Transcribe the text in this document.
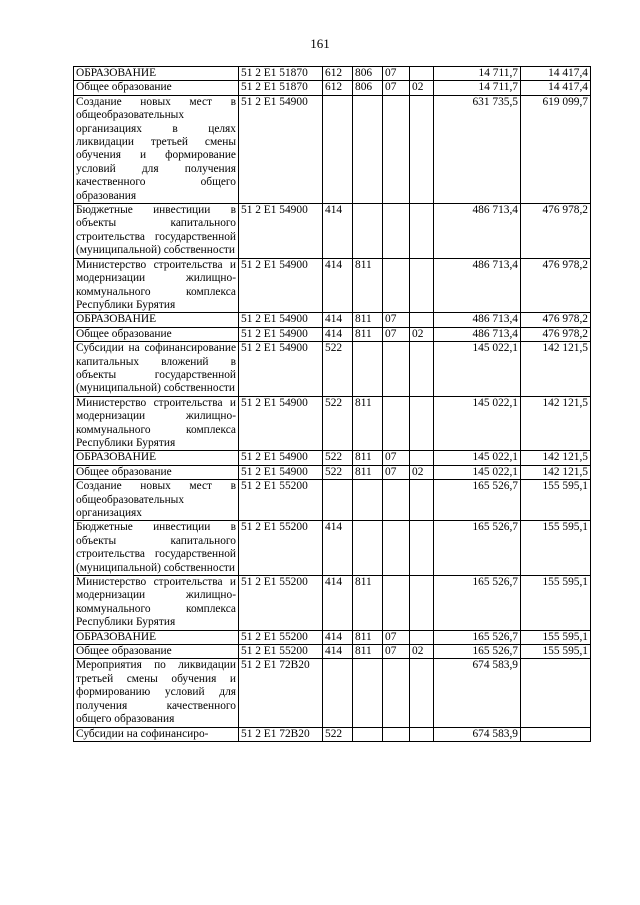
161
ОБРАЗОВАНИЕ	51 2 E1 51870	612	806	07		14 711,7	14 417,4
Общее образование	51 2 E1 51870	612	806	07	02	14 711,7	14 417,4
Создание новых мест в общеобразовательных организациях в целях ликвидации третьей смены обучения и формирование условий для получения качественного общего образования	51 2 E1 54900					631 735,5	619 099,7
Бюджетные инвестиции в объекты капитального строительства государственной (муниципальной) собственности	51 2 E1 54900	414				486 713,4	476 978,2
Министерство строительства и модернизации жилищно-коммунального комплекса Республики Бурятия	51 2 E1 54900	414	811			486 713,4	476 978,2
ОБРАЗОВАНИЕ	51 2 E1 54900	414	811	07		486 713,4	476 978,2
Общее образование	51 2 E1 54900	414	811	07	02	486 713,4	476 978,2
Субсидии на софинансирование капитальных вложений в объекты государственной (муниципальной) собственности	51 2 E1 54900	522				145 022,1	142 121,5
Министерство строительства и модернизации жилищно-коммунального комплекса Республики Бурятия	51 2 E1 54900	522	811			145 022,1	142 121,5
ОБРАЗОВАНИЕ	51 2 E1 54900	522	811	07		145 022,1	142 121,5
Общее образование	51 2 E1 54900	522	811	07	02	145 022,1	142 121,5
Создание новых мест в общеобразовательных организациях	51 2 E1 55200					165 526,7	155 595,1
Бюджетные инвестиции в объекты капитального строительства государственной (муниципальной) собственности	51 2 E1 55200	414				165 526,7	155 595,1
Министерство строительства и модернизации жилищно-коммунального комплекса Республики Бурятия	51 2 E1 55200	414	811			165 526,7	155 595,1
ОБРАЗОВАНИЕ	51 2 E1 55200	414	811	07		165 526,7	155 595,1
Общее образование	51 2 E1 55200	414	811	07	02	165 526,7	155 595,1
Мероприятия по ликвидации третьей смены обучения и формированию условий для получения качественного общего образования	51 2 E1 72B20					674 583,9	
Субсидии на софинансиро-	51 2 E1 72B20	522				674 583,9	
